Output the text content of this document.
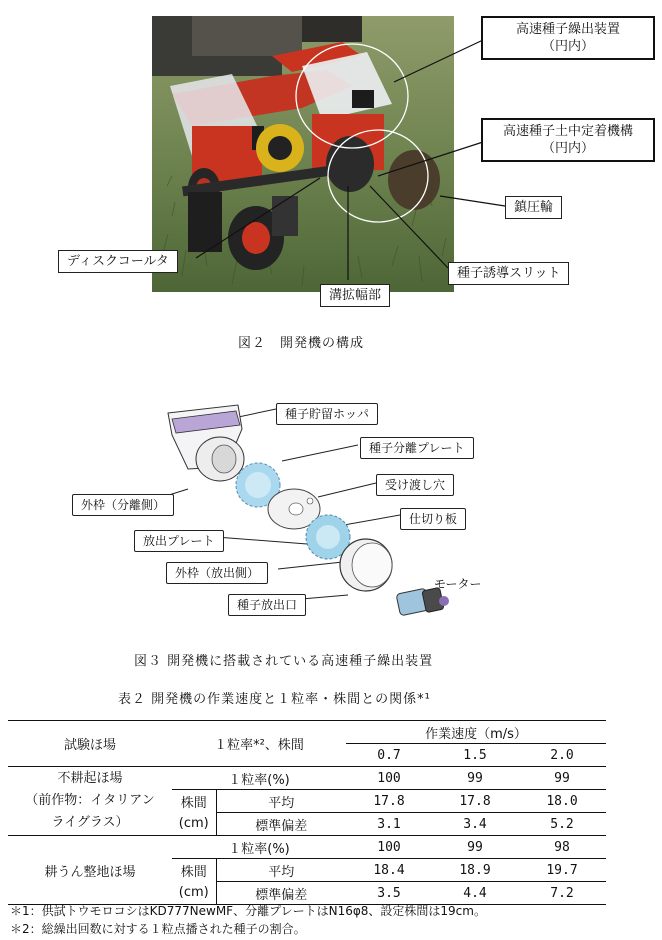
高速種子繰出装置
（円内）
高速種子土中定着機構
（円内）
鎮圧輪
ディスクコールタ
種子誘導スリット
溝拡幅部
図２　開発機の構成
種子貯留ホッパ
種子分離プレート
受け渡し穴
外枠（分離側）
仕切り板
放出プレート
外枠（放出側）
モーター
種子放出口
図３ 開発機に搭載されている高速種子繰出装置
表２ 開発機の作業速度と１粒率・株間との関係*¹
試験ほ場	１粒率*²、株間		作業速度（m/s）		
			0.7	1.5	2.0

不耕起ほ場
（前作物：イタリアン
ライグラス）	１粒率(%)		100	99	99
	株間	平均	17.8	17.8	18.0
	(cm)	標準偏差	3.1	3.4	5.2
耕うん整地ほ場	１粒率(%)		100	99	98
	株間	平均	18.4	18.9	19.7
	(cm)	標準偏差	3.5	4.4	7.2
＊1：供試トウモロコシはKD777NewMF、分離プレートはN16φ8、設定株間は19cm。
＊2：総繰出回数に対する１粒点播された種子の割合。
